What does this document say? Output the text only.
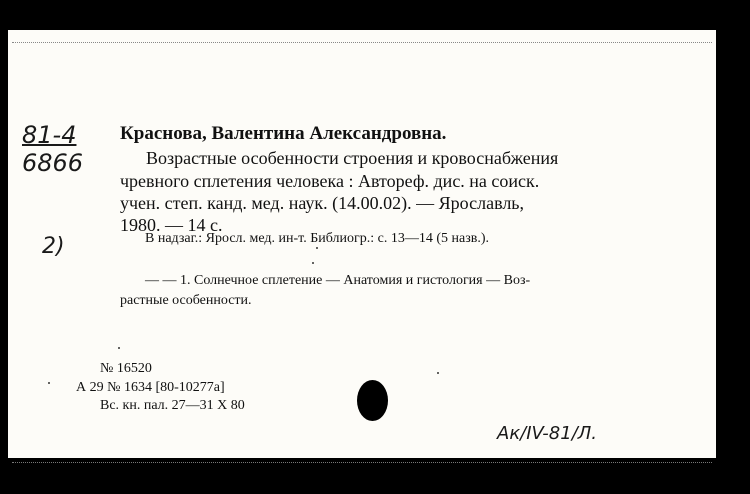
81-4
6866
Краснова, Валентина Александровна.
Возрастные особенности строения и кровоснабжения
чревного сплетения человека : Автореф. дис. на соиск.
учен. степ. канд. мед. наук. (14.00.02). — Ярославль,
1980. — 14 с.
В надзаг.: Яросл. мед. ин-т. Библиогр.: с. 13—14 (5 назв.).
— — 1. Солнечное сплетение — Анатомия и гистология — Воз-
растные особенности.
№ 16520
А 29 № 1634 [80-10277а]
Вс. кн. пал. 27—31 Х 80
2)
Ак/IV-81/Л.
